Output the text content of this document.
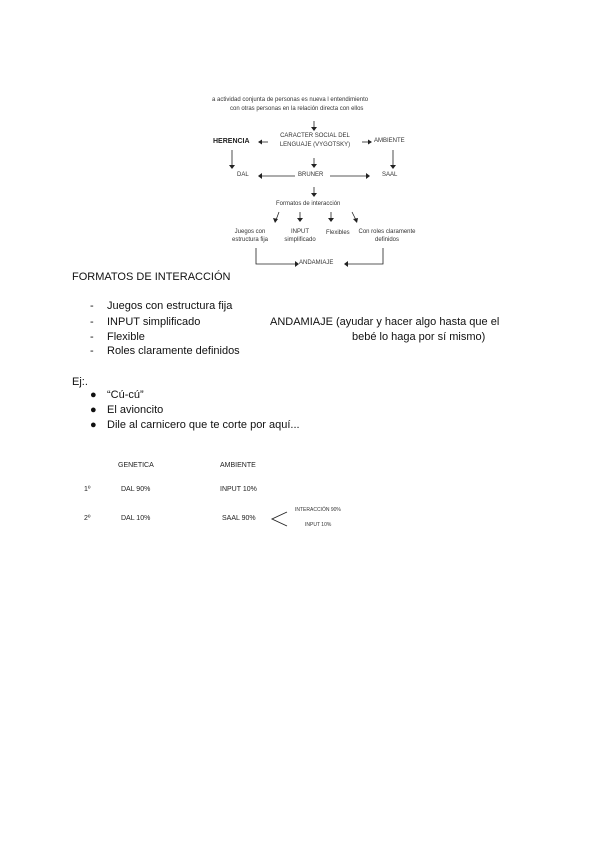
a actividad conjunta de personas es nueva l entendimiento
con otras personas en la relación directa con ellos
HERENCIA
CARACTER SOCIAL DEL
LENGUAJE (VYGOTSKY)
AMBIENTE
DAL	BRUNER	SAAL
Formatos de interacción
Juegos con
estructura fija
INPUT
simplificado
Flexibles	Con roles claramente
definidos
ANDAMIAJE
FORMATOS DE INTERACCIÓN
- Juegos con estructura fija
- INPUT simplificado
- Flexible
- Roles claramente definidos
ANDAMIAJE (ayudar y hacer algo hasta que el
bebé lo haga por sí mismo)
Ej:.
● “Cú-cú”
● El avioncito
● Dile al carnicero que te corte por aquí...
GENETICA	AMBIENTE
1º	DAL 90%	INPUT 10%
2º	DAL 10%	SAAL 90%
INTERACCIÓN 90%
INPUT 10%
